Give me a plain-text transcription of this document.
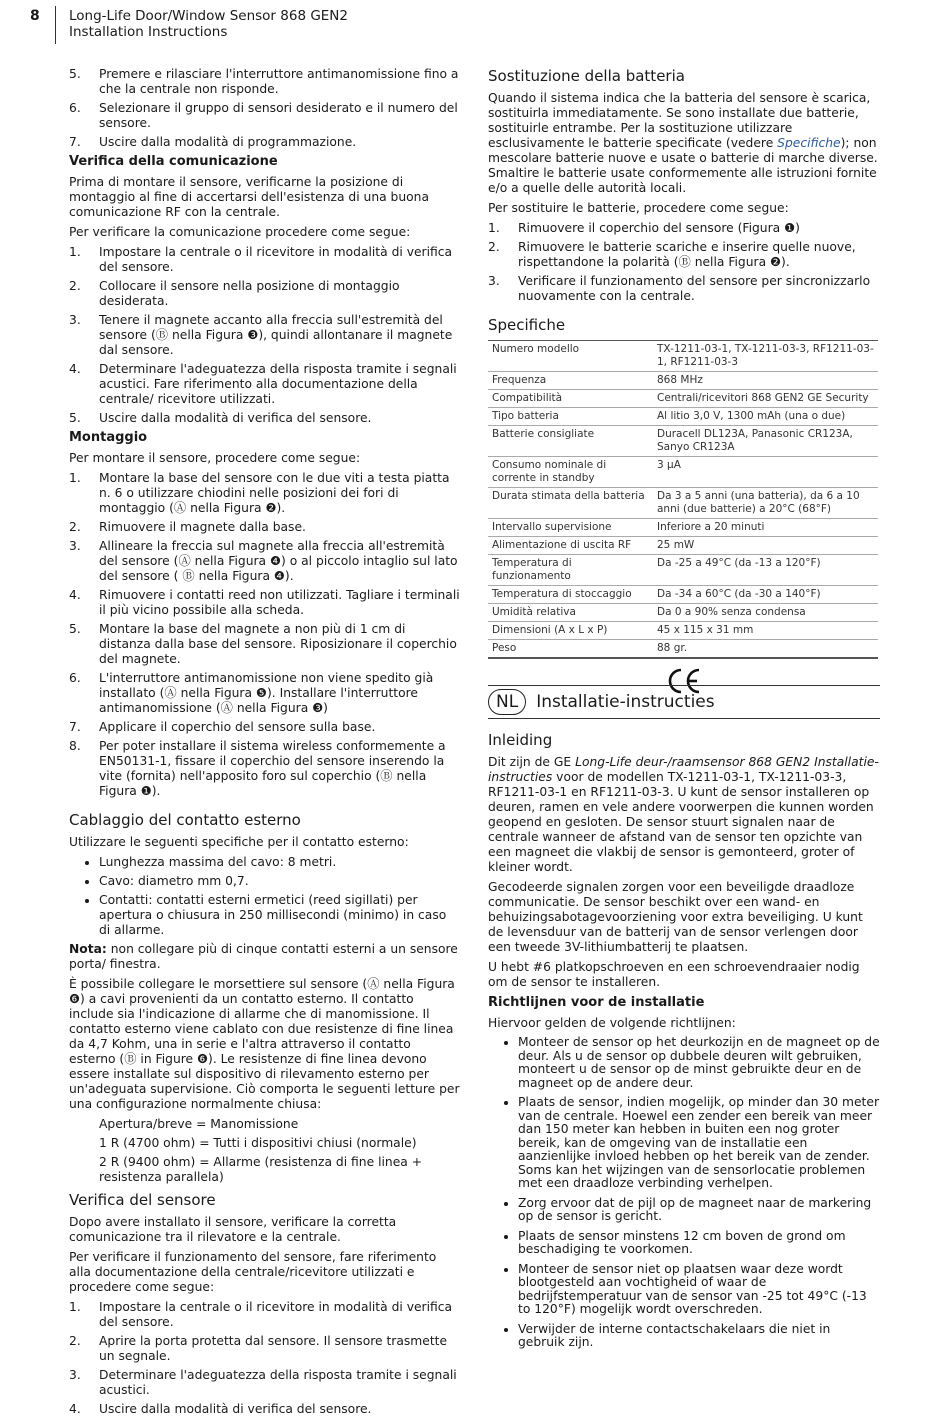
8 Long-Life Door/Window Sensor 868 GEN2
Installation Instructions
5. Premere e rilasciare l'interruttore antimanomissione fino a che la centrale non risponde.
6. Selezionare il gruppo di sensori desiderato e il numero del sensore.
7. Uscire dalla modalità di programmazione.
Verifica della comunicazione

Prima di montare il sensore, verificarne la posizione di montaggio al fine di accertarsi dell'esistenza di una buona comunicazione RF con la centrale.

Per verificare la comunicazione procedere come segue:

1. Impostare la centrale o il ricevitore in modalità di verifica del sensore.
2. Collocare il sensore nella posizione di montaggio desiderata.
3. Tenere il magnete accanto alla freccia sull'estremità del sensore (Ⓑ nella Figura ❸), quindi allontanare il magnete dal sensore.
4. Determinare l'adeguatezza della risposta tramite i segnali acustici. Fare riferimento alla documentazione della centrale/ ricevitore utilizzati.
5. Uscire dalla modalità di verifica del sensore.
Montaggio

Per montare il sensore, procedere come segue:

1. Montare la base del sensore con le due viti a testa piatta n. 6 o utilizzare chiodini nelle posizioni dei fori di montaggio (Ⓐ nella Figura ❷).
2. Rimuovere il magnete dalla base.
3. Allineare la freccia sul magnete alla freccia all'estremità del sensore (Ⓐ nella Figura ❹) o al piccolo intaglio sul lato del sensore ( Ⓑ nella Figura ❹).
4. Rimuovere i contatti reed non utilizzati. Tagliare i terminali il più vicino possibile alla scheda.
5. Montare la base del magnete a non più di 1 cm di distanza dalla base del sensore. Riposizionare il coperchio del magnete.
6. L'interruttore antimanomissione non viene spedito già installato (Ⓐ nella Figura ❺). Installare l'interruttore antimanomissione (Ⓐ nella Figura ❸)
7. Applicare il coperchio del sensore sulla base.
8. Per poter installare il sistema wireless conformemente a EN50131-1, fissare il coperchio del sensore inserendo la vite (fornita) nell'apposito foro sul coperchio (Ⓑ nella Figura ❶).
Cablaggio del contatto esterno

Utilizzare le seguenti specifiche per il contatto esterno:

• Lunghezza massima del cavo: 8 metri.
• Cavo: diametro mm 0,7.
• Contatti: contatti esterni ermetici (reed sigillati) per apertura o chiusura in 250 millisecondi (minimo) in caso di allarme.

Nota: non collegare più di cinque contatti esterni a un sensore porta/ finestra.

È possibile collegare le morsettiere sul sensore (Ⓐ nella Figura ❻) a cavi provenienti da un contatto esterno. Il contatto include sia l'indicazione di allarme che di manomissione. Il contatto esterno viene cablato con due resistenze di fine linea da 4,7 Kohm, una in serie e l'altra attraverso il contatto esterno (Ⓑ in Figure ❻). Le resistenze di fine linea devono essere installate sul dispositivo di rilevamento esterno per un'adeguata supervisione. Ciò comporta le seguenti letture per una configurazione normalmente chiusa:

Apertura/breve = Manomissione
1 R (4700 ohm) = Tutti i dispositivi chiusi (normale)
2 R (9400 ohm) = Allarme (resistenza di fine linea + resistenza parallela)
Verifica del sensore

Dopo avere installato il sensore, verificare la corretta comunicazione tra il rilevatore e la centrale.

Per verificare il funzionamento del sensore, fare riferimento alla documentazione della centrale/ricevitore utilizzati e procedere come segue:

1. Impostare la centrale o il ricevitore in modalità di verifica del sensore.
2. Aprire la porta protetta dal sensore. Il sensore trasmette un segnale.
3. Determinare l'adeguatezza della risposta tramite i segnali acustici.
4. Uscire dalla modalità di verifica del sensore.
Sostituzione della batteria

Quando il sistema indica che la batteria del sensore è scarica, sostituirla immediatamente. Se sono installate due batterie, sostituirle entrambe. Per la sostituzione utilizzare esclusivamente le batterie specificate (vedere Specifiche); non mescolare batterie nuove e usate o batterie di marche diverse. Smaltire le batterie usate conformemente alle istruzioni fornite e/o a quelle delle autorità locali.

Per sostituire le batterie, procedere come segue:

1. Rimuovere il coperchio del sensore (Figura ❶)
2. Rimuovere le batterie scariche e inserire quelle nuove, rispettandone la polarità (Ⓑ nella Figura ❷).
3. Verificare il funzionamento del sensore per sincronizzarlo nuovamente con la centrale.
Specifiche
Numero modello	TX-1211-03-1, TX-1211-03-3, RF1211-03-1, RF1211-03-3
Frequenza	868 MHz
Compatibilità	Centrali/ricevitori 868 GEN2 GE Security
Tipo batteria	Al litio 3,0 V, 1300 mAh (una o due)
Batterie consigliate	Duracell DL123A, Panasonic CR123A, Sanyo CR123A
Consumo nominale di corrente in standby	3 µA
Durata stimata della batteria	Da 3 a 5 anni (una batteria), da 6 a 10 anni (due batterie) a 20°C (68°F)
Intervallo supervisione	Inferiore a 20 minuti
Alimentazione di uscita RF	25 mW
Temperatura di funzionamento	Da -25 a 49°C (da -13 a 120°F)
Temperatura di stoccaggio	Da -34 a 60°C (da -30 a 140°F)
Umidità relativa	Da 0 a 90% senza condensa
Dimensioni (A x L x P)	45 x 115 x 31 mm
Peso	88 gr.
NL	Installatie-instructies
Inleiding

Dit zijn de GE Long-Life deur-/raamsensor 868 GEN2 Installatie-instructies voor de modellen TX-1211-03-1, TX-1211-03-3, RF1211-03-1 en RF1211-03-3. U kunt de sensor installeren op deuren, ramen en vele andere voorwerpen die kunnen worden geopend en gesloten. De sensor stuurt signalen naar de centrale wanneer de afstand van de sensor ten opzichte van een magneet die vlakbij de sensor is gemonteerd, groter of kleiner wordt.

Gecodeerde signalen zorgen voor een beveiligde draadloze communicatie. De sensor beschikt over een wand- en behuizingsabotagevoorziening voor extra beveiliging. U kunt de levensduur van de batterij van de sensor verlengen door een tweede 3V-lithiumbatterij te plaatsen.

U hebt #6 platkopschroeven en een schroevendraaier nodig om de sensor te installeren.

Richtlijnen voor de installatie

Hiervoor gelden de volgende richtlijnen:

• Monteer de sensor op het deurkozijn en de magneet op de deur. Als u de sensor op dubbele deuren wilt gebruiken, monteert u de sensor op de minst gebruikte deur en de magneet op de andere deur.
• Plaats de sensor, indien mogelijk, op minder dan 30 meter van de centrale. Hoewel een zender een bereik van meer dan 150 meter kan hebben in buiten een nog groter bereik, kan de omgeving van de installatie een aanzienlijke invloed hebben op het bereik van de zender. Soms kan het wijzingen van de sensorlocatie problemen met een draadloze verbinding verhelpen.
• Zorg ervoor dat de pijl op de magneet naar de markering op de sensor is gericht.
• Plaats de sensor minstens 12 cm boven de grond om beschadiging te voorkomen.
• Monteer de sensor niet op plaatsen waar deze wordt blootgesteld aan vochtigheid of waar de bedrijfstemperatuur van de sensor van -25 tot 49°C (-13 to 120°F) mogelijk wordt overschreden.
• Verwijder de interne contactschakelaars die niet in gebruik zijn.
